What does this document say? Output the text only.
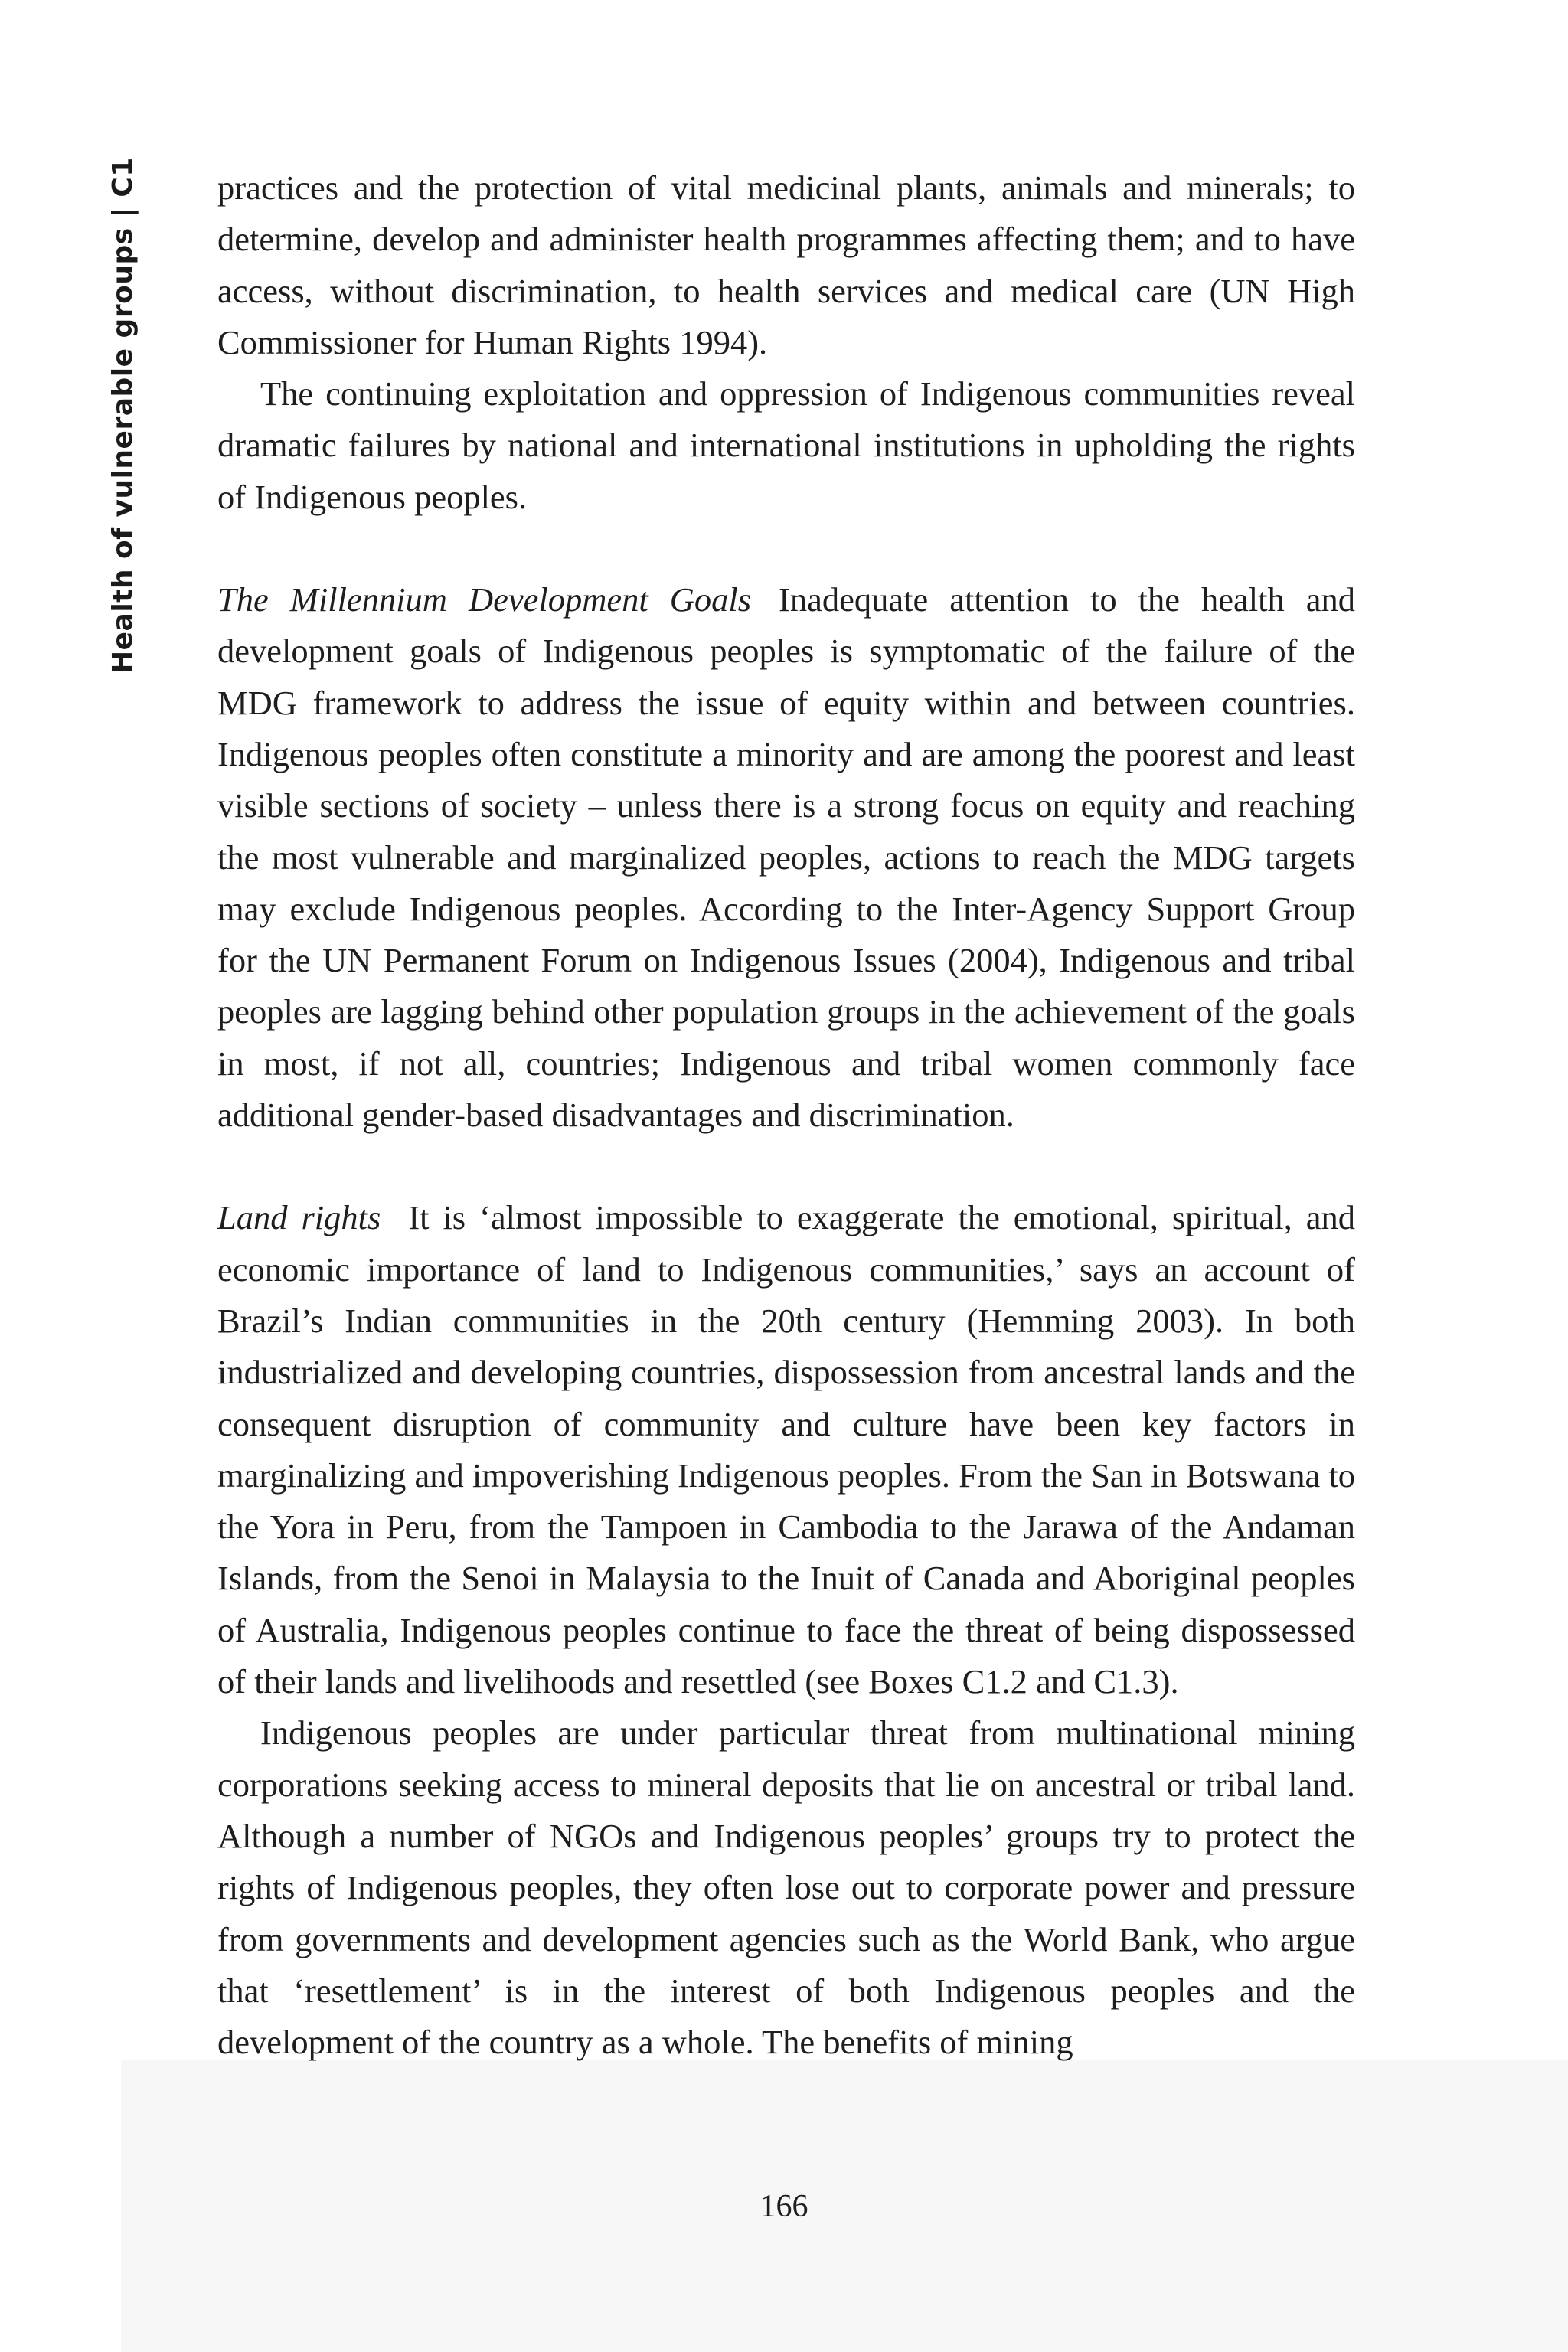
Health of vulnerable groups | C1 practices and the protection of vital medicinal plants, animals and minerals; to determine, develop and administer health programmes affecting them; and to have access, without discrimination, to health services and medical care (UN High Commissioner for Human Rights 1994).

The continuing exploitation and oppression of Indigenous communities reveal dramatic failures by national and international institutions in upholding the rights of Indigenous peoples.

The Millennium Development Goals Inadequate attention to the health and development goals of Indigenous peoples is symptomatic of the failure of the MDG framework to address the issue of equity within and between countries. Indigenous peoples often constitute a minority and are among the poorest and least visible sections of society – unless there is a strong focus on equity and reaching the most vulnerable and marginalized peoples, actions to reach the MDG targets may exclude Indigenous peoples. According to the Inter-Agency Support Group for the UN Permanent Forum on Indigenous Issues (2004), Indigenous and tribal peoples are lagging behind other population groups in the achievement of the goals in most, if not all, countries; Indigenous and tribal women commonly face additional gender-based disadvantages and discrimination.

Land rights It is ‘almost impossible to exaggerate the emotional, spiritual, and economic importance of land to Indigenous communities,’ says an account of Brazil’s Indian communities in the 20th century (Hemming 2003). In both industrialized and developing countries, dispossession from ancestral lands and the consequent disruption of community and culture have been key factors in marginalizing and impoverishing Indigenous peoples. From the San in Botswana to the Yora in Peru, from the Tampoen in Cambodia to the Jarawa of the Andaman Islands, from the Senoi in Malaysia to the Inuit of Canada and Aboriginal peoples of Australia, Indigenous peoples continue to face the threat of being dispossessed of their lands and livelihoods and resettled (see Boxes C1.2 and C1.3).

Indigenous peoples are under particular threat from multinational mining corporations seeking access to mineral deposits that lie on ancestral or tribal land. Although a number of NGOs and Indigenous peoples’ groups try to protect the rights of Indigenous peoples, they often lose out to corporate power and pressure from governments and development agencies such as the World Bank, who argue that ‘resettlement’ is in the interest of both Indigenous peoples and the development of the country as a whole. The benefits of mining

166
